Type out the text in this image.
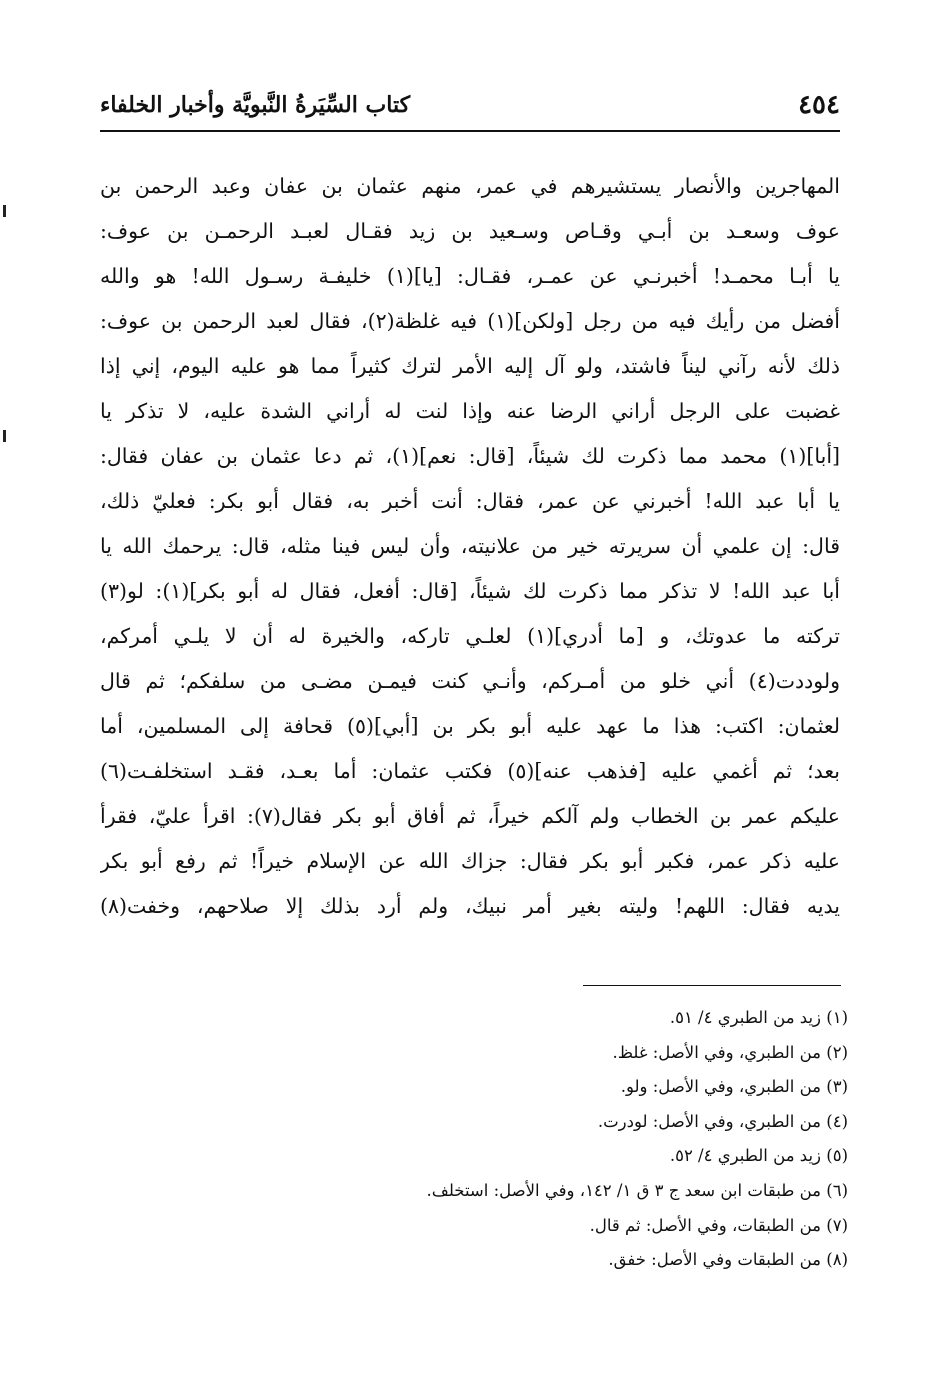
٤٥٤
كتاب السِّيَرةُ النَّبويَّة وأخبار الخلفاء
المهاجرين والأنصار يستشيرهم في عمر، منهم عثمان بن عفان وعبد الرحمن بن
عوف وسعـد بن أبـي وقـاص وسـعيد بن زيد فقـال لعبـد الرحمـن بن عوف:
يا أبـا محمـد! أخبرنـي عن عمـر، فقـال: [يا](١) خليفـة رسـول الله! هو والله
أفضل من رأيك فيه من رجل [ولكن](١) فيه غلظة(٢)، فقال لعبد الرحمن بن عوف:
ذلك لأنه رآني ليناً فاشتد، ولو آل إليه الأمر لترك كثيراً مما هو عليه اليوم، إني إذا
غضبت على الرجل أراني الرضا عنه وإذا لنت له أراني الشدة عليه، لا تذكر يا
[أبا](١) محمد مما ذكرت لك شيئاً، [قال: نعم](١)، ثم دعا عثمان بن عفان فقال:
يا أبا عبد الله! أخبرني عن عمر، فقال: أنت أخبر به، فقال أبو بكر: فعليّ ذلك،
قال: إن علمي أن سريرته خير من علانيته، وأن ليس فينا مثله، قال: يرحمك الله يا
أبا عبد الله! لا تذكر مما ذكرت لك شيئاً، [قال: أفعل، فقال له أبو بكر](١): لو(٣)
تركته ما عدوتك، و [ما أدري](١) لعلـي تاركه، والخيرة له أن لا يلـي أمركم،
ولوددت(٤) أني خلو من أمـركم، وأنـي كنت فيمـن مضـى من سلفكم؛ ثم قال
لعثمان: اكتب: هذا ما عهد عليه أبو بكر بن [أبي](٥) قحافة إلى المسلمين، أما
بعد؛ ثم أغمي عليه [فذهب عنه](٥) فكتب عثمان: أما بعـد، فقـد استخلفـت(٦)
عليكم عمر بن الخطاب ولم آلكم خيراً، ثم أفاق أبو بكر فقال(٧): اقرأ عليّ، فقرأ
عليه ذكر عمر، فكبر أبو بكر فقال: جزاك الله عن الإسلام خيراً! ثم رفع أبو بكر
يديه فقال: اللهم! وليته بغير أمر نبيك، ولم أرد بذلك إلا صلاحهم، وخفت(٨)
(١) زيد من الطبري ٤/ ٥١.
(٢) من الطبري، وفي الأصل: غلظ.
(٣) من الطبري، وفي الأصل: ولو.
(٤) من الطبري، وفي الأصل: لودرت.
(٥) زيد من الطبري ٤/ ٥٢.
(٦) من طبقات ابن سعد ج ٣ ق ١/ ١٤٢، وفي الأصل: استخلف.
(٧) من الطبقات، وفي الأصل: ثم قال.
(٨) من الطبقات وفي الأصل: خفق.
